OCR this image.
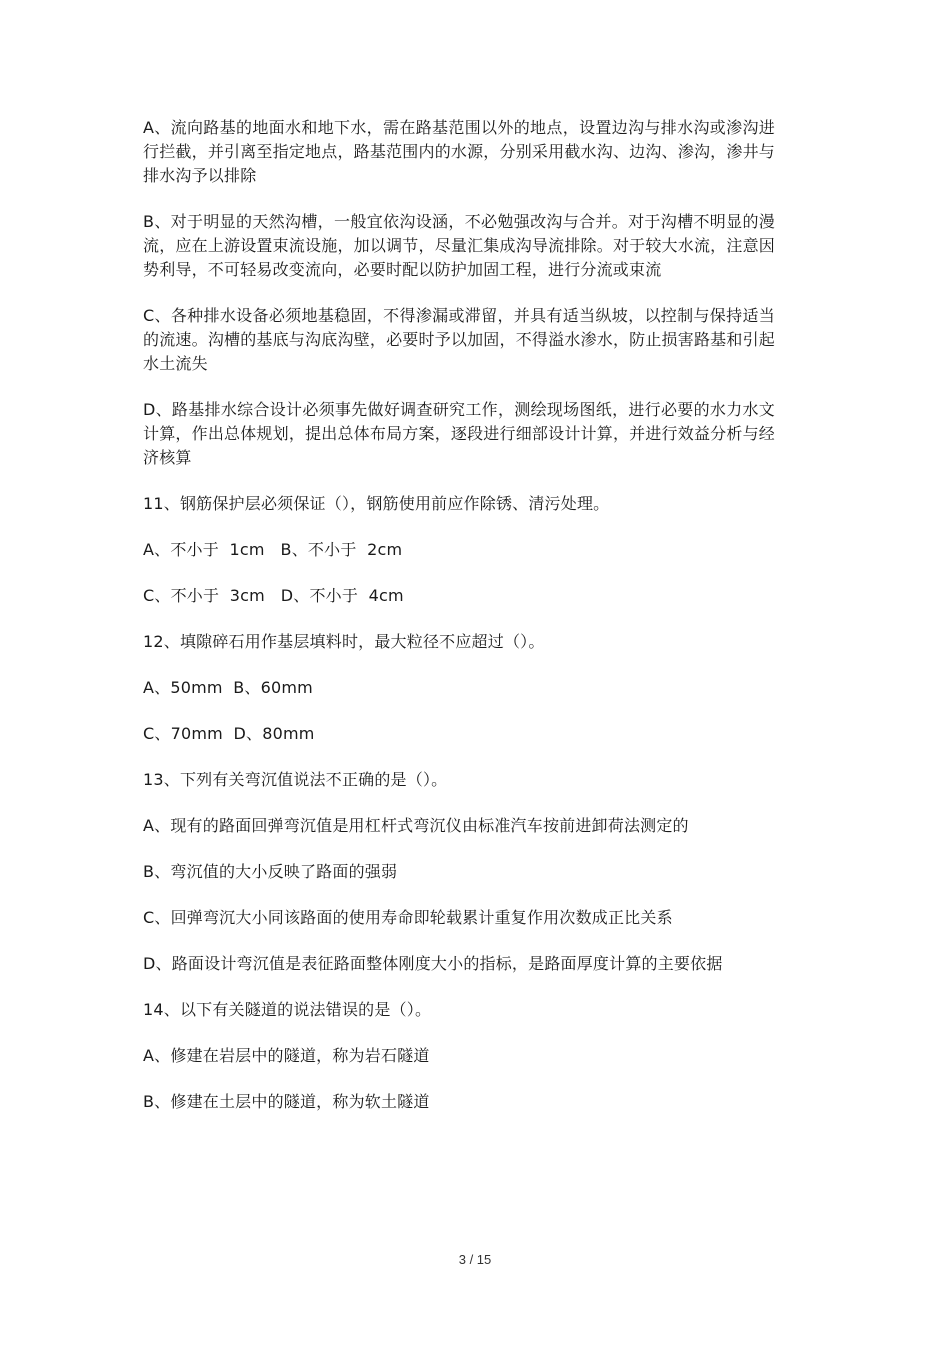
A、流向路基的地面水和地下水，需在路基范围以外的地点，设置边沟与排水沟或渗沟进行拦截，并引离至指定地点，路基范围内的水源，分别采用截水沟、边沟、渗沟，渗井与排水沟予以排除

B、对于明显的天然沟槽，一般宜依沟设涵，不必勉强改沟与合并。对于沟槽不明显的漫流，应在上游设置束流设施，加以调节，尽量汇集成沟导流排除。对于较大水流，注意因势利导，不可轻易改变流向，必要时配以防护加固工程，进行分流或束流

C、各种排水设备必须地基稳固，不得渗漏或滞留，并具有适当纵坡，以控制与保持适当的流速。沟槽的基底与沟底沟壁，必要时予以加固，不得溢水渗水，防止损害路基和引起水土流失

D、路基排水综合设计必须事先做好调查研究工作，测绘现场图纸，进行必要的水力水文计算，作出总体规划，提出总体布局方案，逐段进行细部设计计算，并进行效益分析与经济核算

11、钢筋保护层必须保证（），钢筋使用前应作除锈、清污处理。

A、不小于  1cm   B、不小于  2cm

C、不小于  3cm   D、不小于  4cm

12、填隙碎石用作基层填料时，最大粒径不应超过（）。

A、50mm  B、60mm

C、70mm  D、80mm

13、下列有关弯沉值说法不正确的是（）。

A、现有的路面回弹弯沉值是用杠杆式弯沉仪由标准汽车按前进卸荷法测定的

B、弯沉值的大小反映了路面的强弱

C、回弹弯沉大小同该路面的使用寿命即轮载累计重复作用次数成正比关系

D、路面设计弯沉值是表征路面整体刚度大小的指标，是路面厚度计算的主要依据

14、以下有关隧道的说法错误的是（）。

A、修建在岩层中的隧道，称为岩石隧道

B、修建在土层中的隧道，称为软土隧道

3 / 15
